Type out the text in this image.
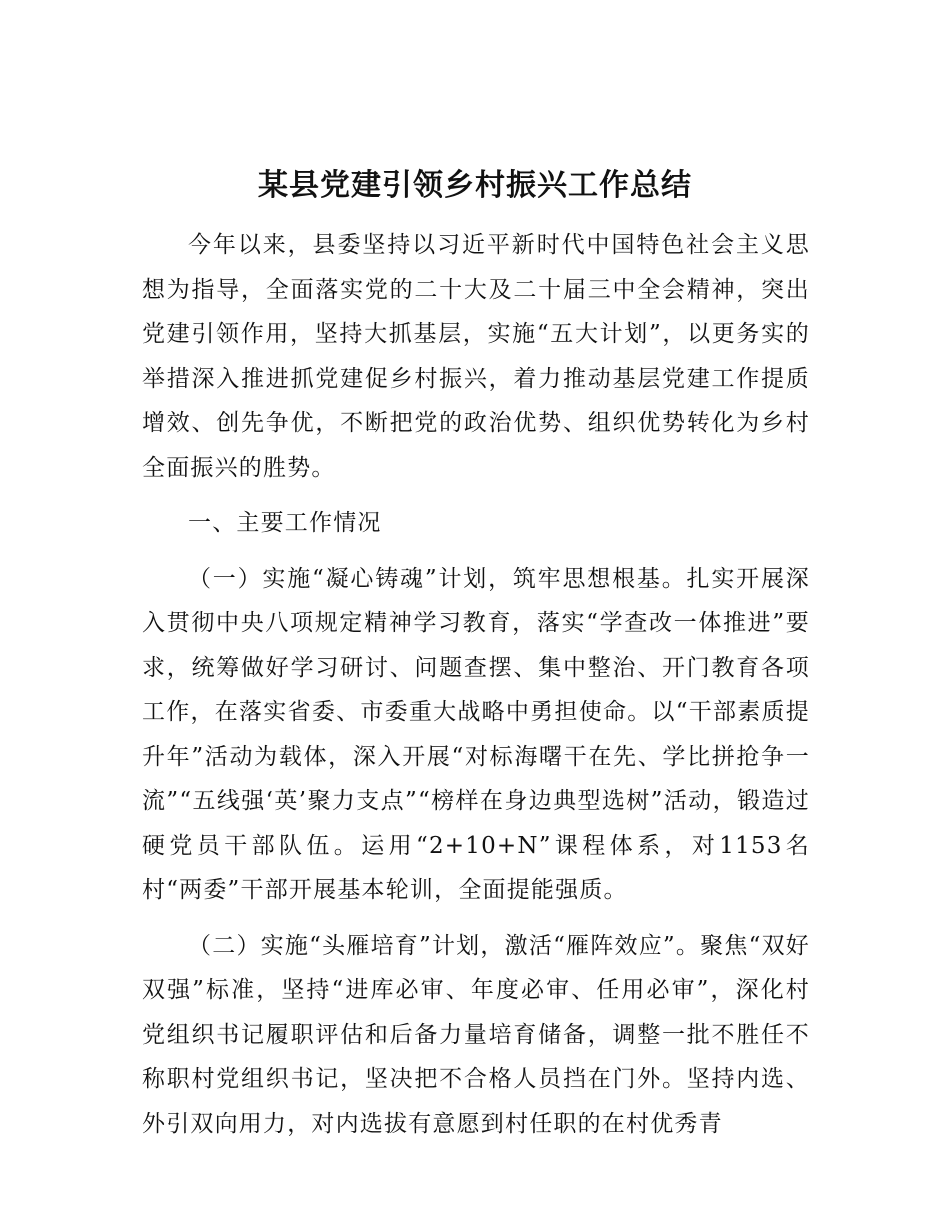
某县党建引领乡村振兴工作总结

今年以来，县委坚持以习近平新时代中国特色社会主义思想为指导，全面落实党的二十大及二十届三中全会精神，突出党建引领作用，坚持大抓基层，实施“五大计划”，以更务实的举措深入推进抓党建促乡村振兴，着力推动基层党建工作提质增效、创先争优，不断把党的政治优势、组织优势转化为乡村全面振兴的胜势。

一、主要工作情况

（一）实施“凝心铸魂”计划，筑牢思想根基。扎实开展深入贯彻中央八项规定精神学习教育，落实“学查改一体推进”要求，统筹做好学习研讨、问题查摆、集中整治、开门教育各项工作，在落实省委、市委重大战略中勇担使命。以“干部素质提升年”活动为载体，深入开展“对标海曙干在先、学比拼抢争一流”“五线强‘英’聚力支点”“榜样在身边典型选树”活动，锻造过硬党员干部队伍。运用“2+10+N”课程体系，对1153名村“两委”干部开展基本轮训，全面提能强质。

（二）实施“头雁培育”计划，激活“雁阵效应”。聚焦“双好双强”标准，坚持“进库必审、年度必审、任用必审”，深化村党组织书记履职评估和后备力量培育储备，调整一批不胜任不称职村党组织书记，坚决把不合格人员挡在门外。坚持内选、外引双向用力，对内选拔有意愿到村任职的在村优秀青
